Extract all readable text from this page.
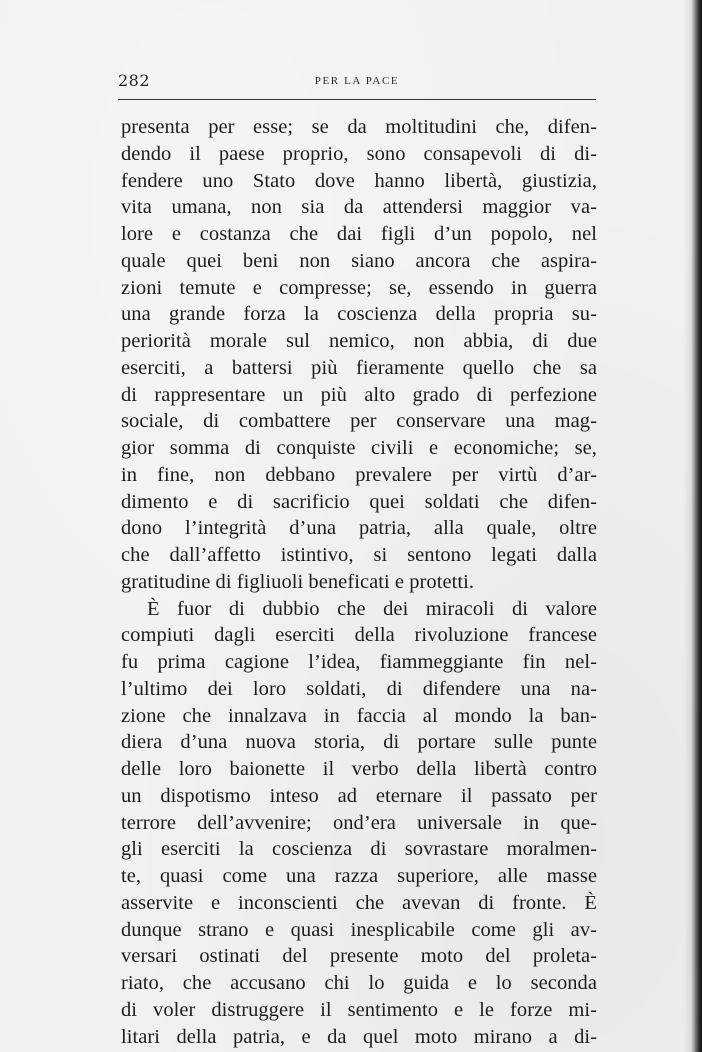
282	PER LA PACE
presenta per esse; se da moltitudini che, difen-
dendo il paese proprio, sono consapevoli di di-
fendere uno Stato dove hanno libertà, giustizia,
vita umana, non sia da attendersi maggior va-
lore e costanza che dai figli d’un popolo, nel
quale quei beni non siano ancora che aspira-
zioni temute e compresse; se, essendo in guerra
una grande forza la coscienza della propria su-
periorità morale sul nemico, non abbia, di due
eserciti, a battersi più fieramente quello che sa
di rappresentare un più alto grado di perfezione
sociale, di combattere per conservare una mag-
gior somma di conquiste civili e economiche; se,
in fine, non debbano prevalere per virtù d’ar-
dimento e di sacrificio quei soldati che difen-
dono l’integrità d’una patria, alla quale, oltre
che dall’affetto istintivo, si sentono legati dalla
gratitudine di figliuoli beneficati e protetti.
È fuor di dubbio che dei miracoli di valore
compiuti dagli eserciti della rivoluzione francese
fu prima cagione l’idea, fiammeggiante fin nel-
l’ultimo dei loro soldati, di difendere una na-
zione che innalzava in faccia al mondo la ban-
diera d’una nuova storia, di portare sulle punte
delle loro baionette il verbo della libertà contro
un dispotismo inteso ad eternare il passato per
terrore dell’avvenire; ond’era universale in que-
gli eserciti la coscienza di sovrastare moralmen-
te, quasi come una razza superiore, alle masse
asservite e inconscienti che avevan di fronte. È
dunque strano e quasi inesplicabile come gli av-
versari ostinati del presente moto del proleta-
riato, che accusano chi lo guida e lo seconda
di voler distruggere il sentimento e le forze mi-
litari della patria, e da quel moto mirano a di-
